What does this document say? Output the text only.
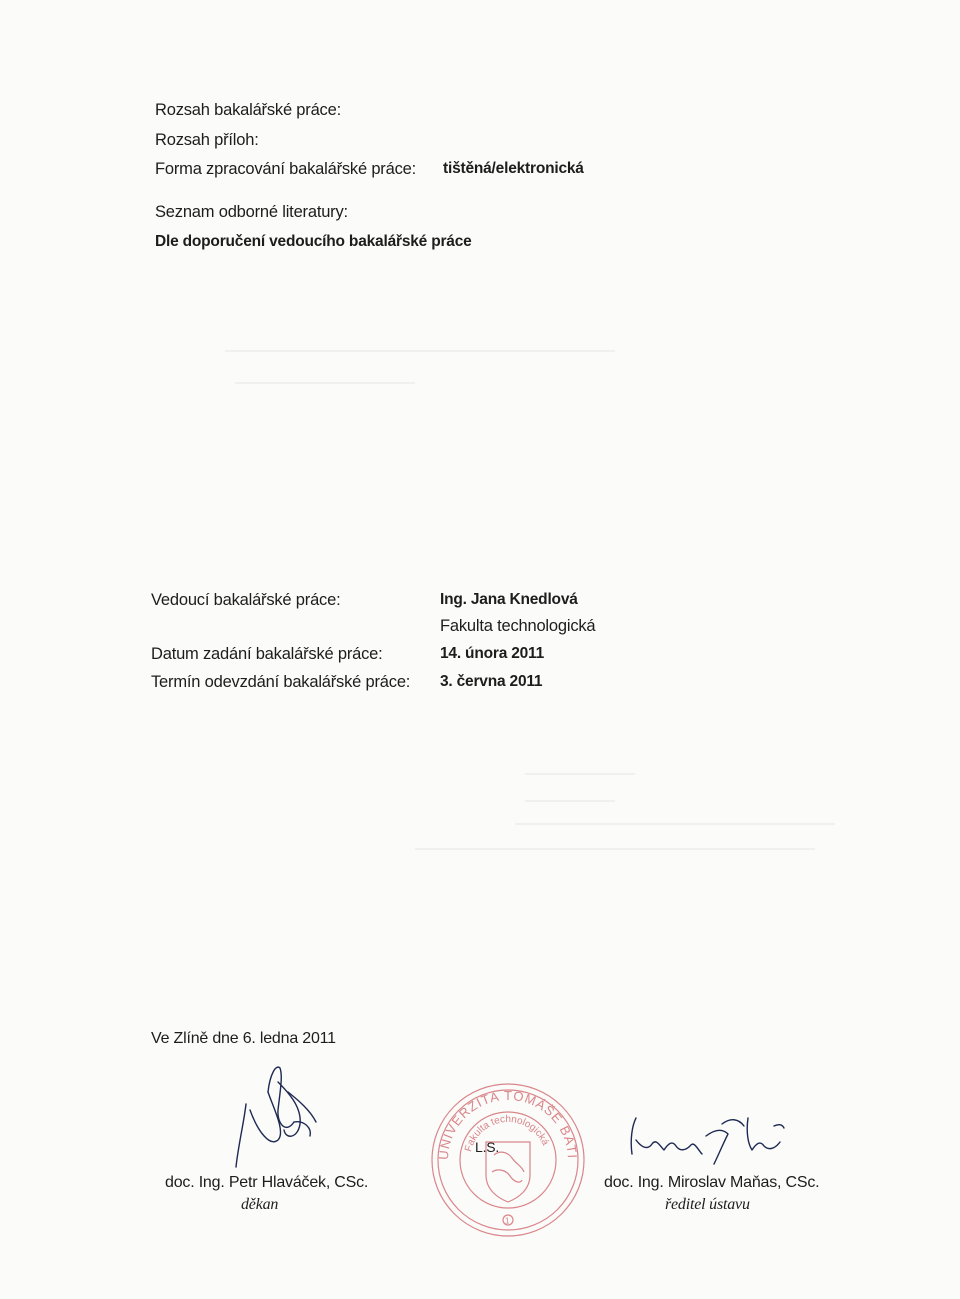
Rozsah bakalářské práce:
Rozsah příloh:
Forma zpracování bakalářské práce: tištěná/elektronická
Seznam odborné literatury:
Dle doporučení vedoucího bakalářské práce
Vedoucí bakalářské práce:	Ing. Jana Knedlová
Fakulta technologická
Datum zadání bakalářské práce:	14. února 2011
Termín odevzdání bakalářské práce: 3. června 2011
Ve Zlíně dne 6. ledna 2011
UNIVERZITA TOMÁŠE BATI VE ZLÍNĚ
Fakulta technologická
1
L.S.
doc. Ing. Petr Hlaváček, CSc.
děkan
doc. Ing. Miroslav Maňas, CSc.
ředitel ústavu
